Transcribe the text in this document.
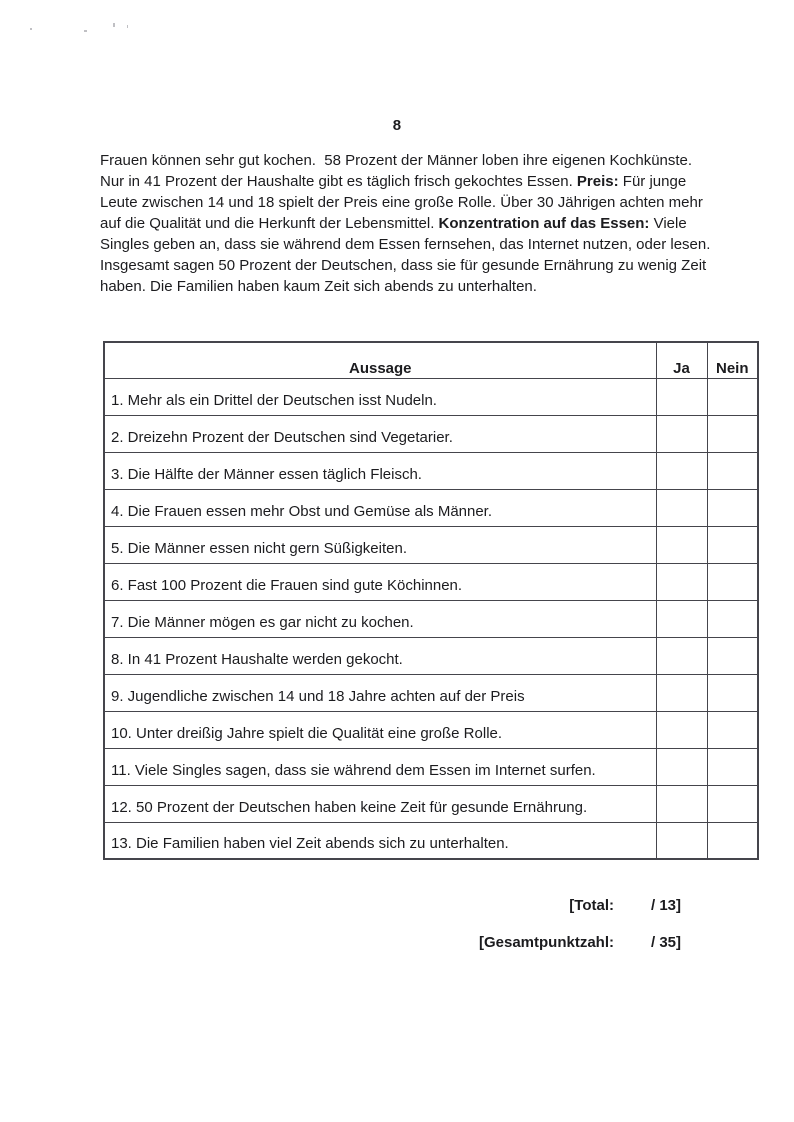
8

Frauen können sehr gut kochen.  58 Prozent der Männer loben ihre eigenen Kochkünste. Nur in 41 Prozent der Haushalte gibt es täglich frisch gekochtes Essen. Preis: Für junge Leute zwischen 14 und 18 spielt der Preis eine große Rolle. Über 30 Jährigen achten mehr auf die Qualität und die Herkunft der Lebensmittel. Konzentration auf das Essen: Viele Singles geben an, dass sie während dem Essen fernsehen, das Internet nutzen, oder lesen. Insgesamt sagen 50 Prozent der Deutschen, dass sie für gesunde Ernährung zu wenig Zeit haben. Die Familien haben kaum Zeit sich abends zu unterhalten.

Aussage	Ja	Nein
1. Mehr als ein Drittel der Deutschen isst Nudeln.		
2. Dreizehn Prozent der Deutschen sind Vegetarier.		
3. Die Hälfte der Männer essen täglich Fleisch.		
4. Die Frauen essen mehr Obst und Gemüse als Männer.		
5. Die Männer essen nicht gern Süßigkeiten.		
6. Fast 100 Prozent die Frauen sind gute Köchinnen.		
7. Die Männer mögen es gar nicht zu kochen.		
8. In 41 Prozent Haushalte werden gekocht.		
9. Jugendliche zwischen 14 und 18 Jahre achten auf der Preis		
10. Unter dreißig Jahre spielt die Qualität eine große Rolle.		
11. Viele Singles sagen, dass sie während dem Essen im Internet surfen.		
12. 50 Prozent der Deutschen haben keine Zeit für gesunde Ernährung.		
13. Die Familien haben viel Zeit abends sich zu unterhalten.		
[Total:	/ 13]
[Gesamtpunktzahl:	/ 35]
